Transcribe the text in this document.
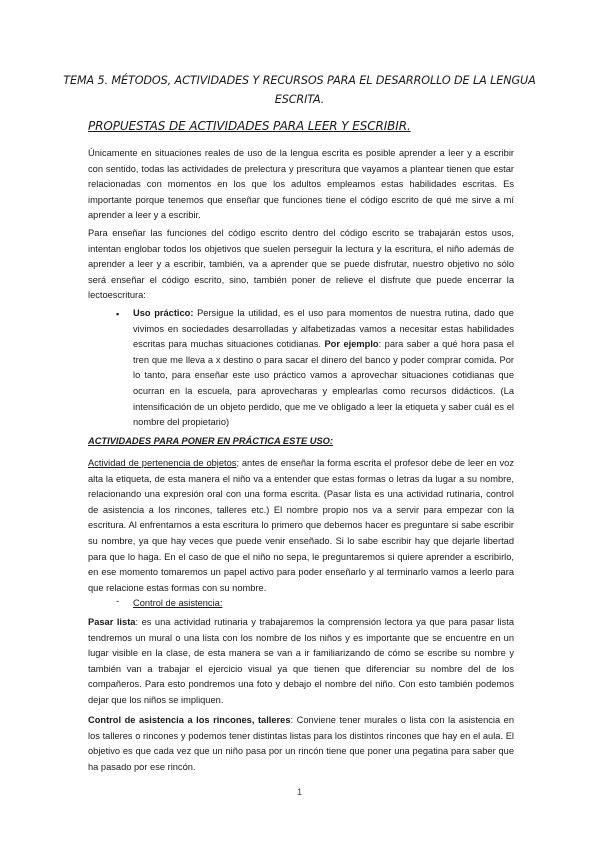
TEMA 5. MÉTODOS, ACTIVIDADES Y RECURSOS PARA EL DESARROLLO DE LA LENGUA ESCRITA.
PROPUESTAS DE ACTIVIDADES PARA LEER Y ESCRIBIR.
Únicamente en situaciones reales de uso de la lengua escrita es posible aprender a leer y a escribir con sentido, todas las actividades de prelectura y prescritura que vayamos a plantear tienen que estar relacionadas con momentos en los que los adultos empleamos estas habilidades escritas. Es importante porque tenemos que enseñar que funciones tiene el código escrito de qué me sirve a mí aprender a leer y a escribir.
Para enseñar las funciones del código escrito dentro del código escrito se trabajarán estos usos, intentan englobar todos los objetivos que suelen perseguir la lectura y la escritura, el niño además de aprender a leer y a escribir, también, va a aprender que se puede disfrutar, nuestro objetivo no sólo será enseñar el código escrito, sino, también poner de relieve el disfrute que puede encerrar la lectoescritura:
▪ Uso práctico: Persigue la utilidad, es el uso para momentos de nuestra rutina, dado que vivimos en sociedades desarrolladas y alfabetizadas vamos a necesitar estas habilidades escritas para muchas situaciones cotidianas. Por ejemplo: para saber a qué hora pasa el tren que me lleva a x destino o para sacar el dinero del banco y poder comprar comida. Por lo tanto, para enseñar este uso práctico vamos a aprovechar situaciones cotidianas que ocurran en la escuela, para aprovecharas y emplearlas como recursos didácticos. (La intensificación de un objeto perdido, que me ve obligado a leer la etiqueta y saber cuál es el nombre del propietario)
ACTIVIDADES PARA PONER EN PRÁCTICA ESTE USO:
Actividad de pertenencia de objetos; antes de enseñar la forma escrita el profesor debe de leer en voz alta la etiqueta, de esta manera el niño va a entender que estas formas o letras da lugar a su nombre, relacionando una expresión oral con una forma escrita. (Pasar lista es una actividad rutinaria, control de asistencia a los rincones, talleres etc.) El nombre propio nos va a servir para empezar con la escritura. Al enfrentarnos a esta escritura lo primero que debemos hacer es preguntare si sabe escribir su nombre, ya que hay veces que puede venir enseñado. Si lo sabe escribir hay que dejarle libertad para que lo haga. En el caso de que el niño no sepa, le preguntaremos si quiere aprender a escribirlo, en ese momento tomaremos un papel activo para poder enseñarlo y al terminarlo vamos a leerlo para que relacione estas formas con su nombre.
- Control de asistencia:
Pasar lista: es una actividad rutinaria y trabajaremos la comprensión lectora ya que para pasar lista tendremos un mural o una lista con los nombre de los niños y es importante que se encuentre en un lugar visible en la clase, de esta manera se van a ir familiarizando de cómo se escribe su nombre y también van a trabajar el ejercicio visual ya que tienen que diferenciar su nombre del de los compañeros. Para esto pondremos una foto y debajo el nombre del niño. Con esto también podemos dejar que los niños se impliquen.
Control de asistencia a los rincones, talleres: Conviene tener murales o lista con la asistencia en los talleres o rincones y podemos tener distintas listas para los distintos rincones que hay en el aula. El objetivo es que cada vez que un niño pasa por un rincón tiene que poner una pegatina para saber que ha pasado por ese rincón.
1
